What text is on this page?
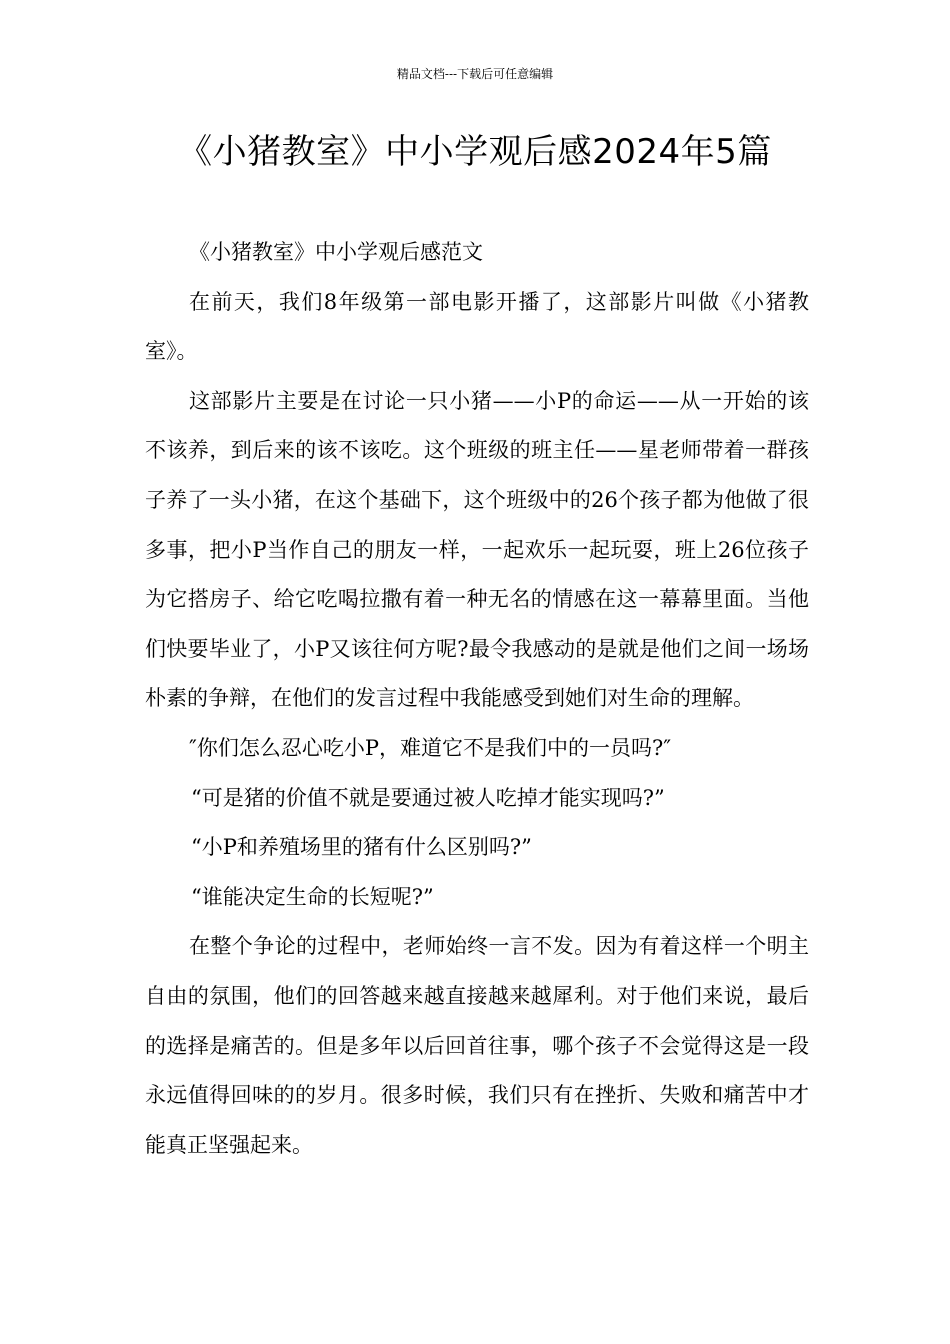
精品文档---下载后可任意编辑
《小猪教室》中小学观后感2024年5篇

《小猪教室》中小学观后感范文

在前天，我们8年级第一部电影开播了，这部影片叫做《小猪教室》。

这部影片主要是在讨论一只小猪——小P的命运——从一开始的该不该养，到后来的该不该吃。这个班级的班主任——星老师带着一群孩子养了一头小猪，在这个基础下，这个班级中的26个孩子都为他做了很多事，把小P当作自己的朋友一样，一起欢乐一起玩耍，班上26位孩子为它搭房子、给它吃喝拉撒有着一种无名的情感在这一幕幕里面。当他们快要毕业了，小P又该往何方呢?最令我感动的是就是他们之间一场场朴素的争辩，在他们的发言过程中我能感受到她们对生命的理解。

″你们怎么忍心吃小P，难道它不是我们中的一员吗?″

“可是猪的价值不就是要通过被人吃掉才能实现吗?”

“小P和养殖场里的猪有什么区别吗?”

“谁能决定生命的长短呢?”

在整个争论的过程中，老师始终一言不发。因为有着这样一个明主自由的氛围，他们的回答越来越直接越来越犀利。对于他们来说，最后的选择是痛苦的。但是多年以后回首往事，哪个孩子不会觉得这是一段永远值得回味的的岁月。很多时候，我们只有在挫折、失败和痛苦中才能真正坚强起来。
